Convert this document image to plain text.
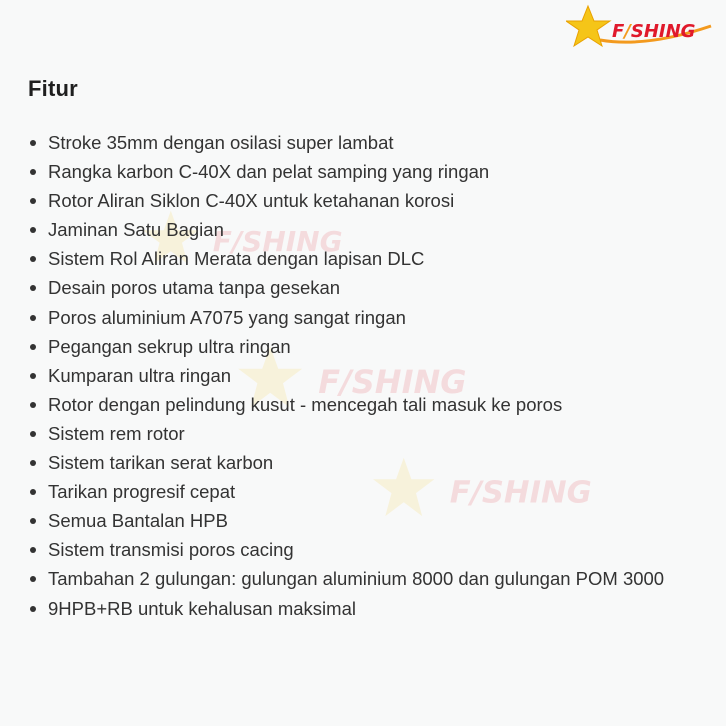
F/SHING
F/SHING
F/SHING
F/SHING
Fitur
Stroke 35mm dengan osilasi super lambat
Rangka karbon C-40X dan pelat samping yang ringan
Rotor Aliran Siklon C-40X untuk ketahanan korosi
Jaminan Satu Bagian
Sistem Rol Aliran Merata dengan lapisan DLC
Desain poros utama tanpa gesekan
Poros aluminium A7075 yang sangat ringan
Pegangan sekrup ultra ringan
Kumparan ultra ringan
Rotor dengan pelindung kusut - mencegah tali masuk ke poros
Sistem rem rotor
Sistem tarikan serat karbon
Tarikan progresif cepat
Semua Bantalan HPB
Sistem transmisi poros cacing
Tambahan 2 gulungan: gulungan aluminium 8000 dan gulungan POM 3000
9HPB+RB untuk kehalusan maksimal
